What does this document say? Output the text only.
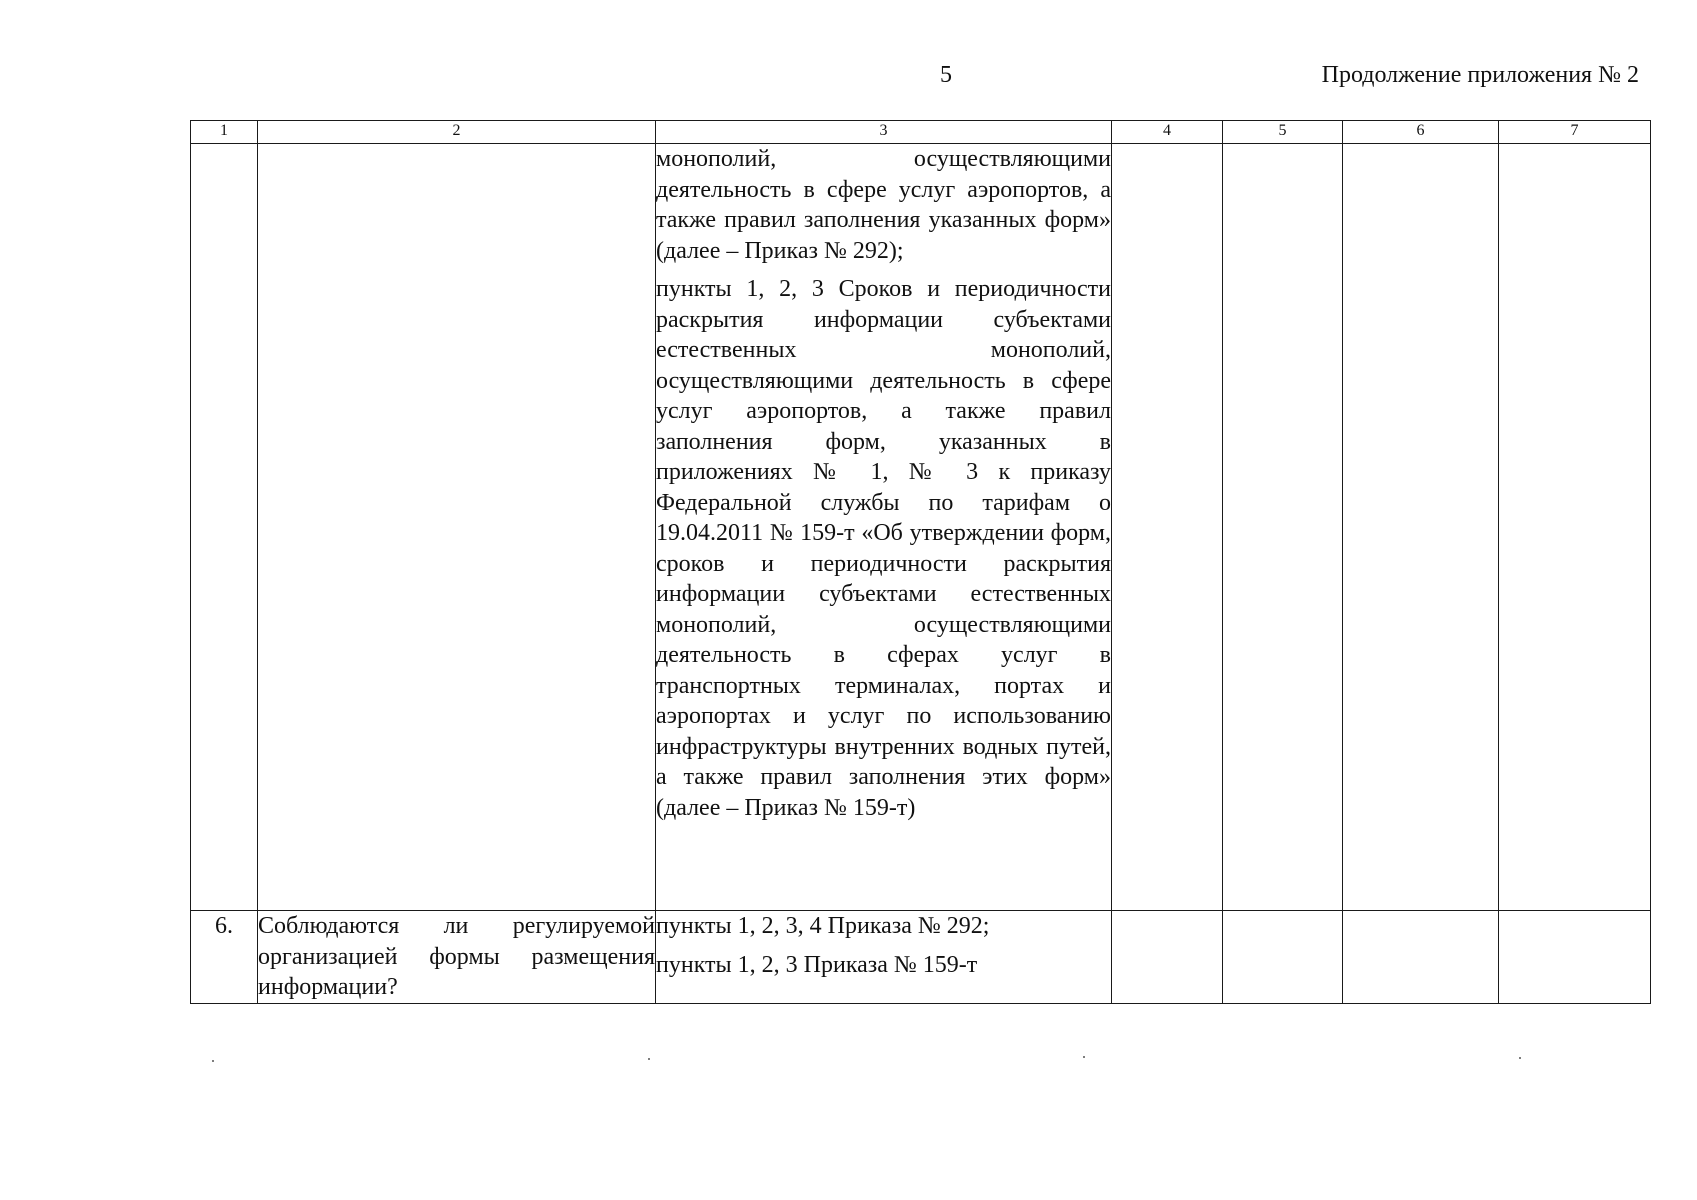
5	Продолжение приложения № 2
1	2	3	4	5	6	7

		монополий, осуществляющими деятельность в сфере услуг аэропортов, а также правил заполнения указанных форм» (далее – Приказ № 292);

пункты 1, 2, 3 Сроков и периодичности раскрытия информации субъектами естественных монополий, осуществляющими деятельность в сфере услуг аэропортов, а также правил заполнения форм, указанных в приложениях № 1, № 3 к приказу Федеральной службы по тарифам о 19.04.2011 № 159-т «Об утверждении форм, сроков и периодичности раскрытия информации субъектами естественных монополий, осуществляющими деятельность в сферах услуг в транспортных терминалах, портах и аэропортах и услуг по использованию инфраструктуры внутренних водных путей, а также правил заполнения этих форм» (далее – Приказ № 159-т)				

6.	Соблюдаются ли регулируемой организацией формы размещения информации?	пункты 1, 2, 3, 4 Приказа № 292;

пункты 1, 2, 3 Приказа № 159-т				
